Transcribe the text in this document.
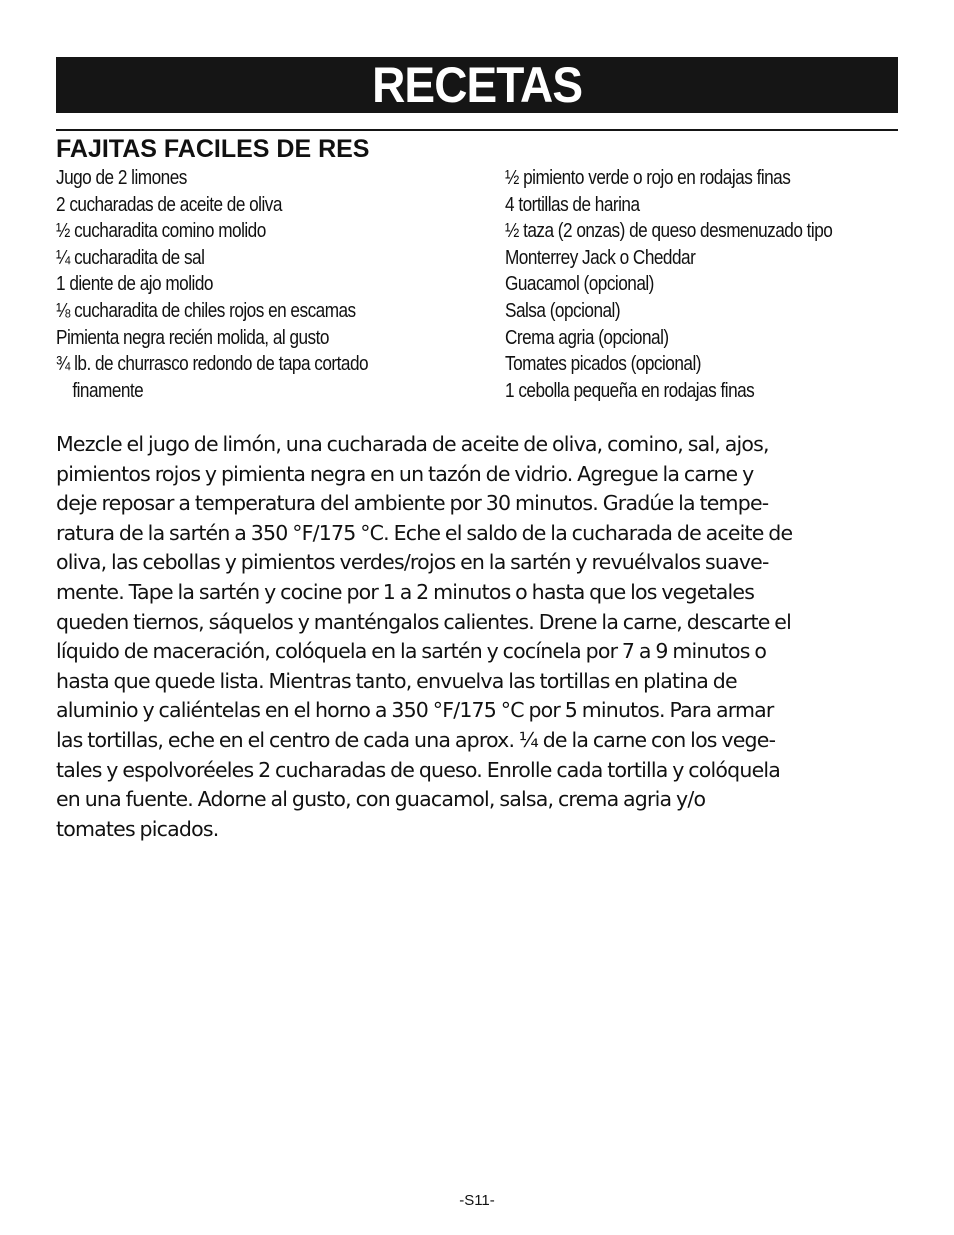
RECETAS
FAJITAS FACILES DE RES
Jugo de 2 limones
2 cucharadas de aceite de oliva
½ cucharadita comino molido
¼ cucharadita de sal
1 diente de ajo molido
⅛ cucharadita de chiles rojos en escamas
Pimienta negra recién molida, al gusto
¾ lb. de churrasco redondo de tapa cortado
finamente
½ pimiento verde o rojo en rodajas finas
4 tortillas de harina
½ taza (2 onzas) de queso desmenuzado tipo
Monterrey Jack o Cheddar
Guacamol (opcional)
Salsa (opcional)
Crema agria (opcional)
Tomates picados (opcional)
1 cebolla pequeña en rodajas finas

Mezcle el jugo de limón, una cucharada de aceite de oliva, comino, sal, ajos,
pimientos rojos y pimienta negra en un tazón de vidrio. Agregue la carne y
deje reposar a temperatura del ambiente por 30 minutos. Gradúe la tempe-
ratura de la sartén a 350 °F/175 °C. Eche el saldo de la cucharada de aceite de
oliva, las cebollas y pimientos verdes/rojos en la sartén y revuélvalos suave-
mente. Tape la sartén y cocine por 1 a 2 minutos o hasta que los vegetales
queden tiernos, sáquelos y manténgalos calientes. Drene la carne, descarte el
líquido de maceración, colóquela en la sartén y cocínela por 7 a 9 minutos o
hasta que quede lista. Mientras tanto, envuelva las tortillas en platina de
aluminio y caliéntelas en el horno a 350 °F/175 °C por 5 minutos. Para armar
las tortillas, eche en el centro de cada una aprox. ¼ de la carne con los vege-
tales y espolvoréeles 2 cucharadas de queso. Enrolle cada tortilla y colóquela
en una fuente. Adorne al gusto, con guacamol, salsa, crema agria y/o
tomates picados.

-S11-
